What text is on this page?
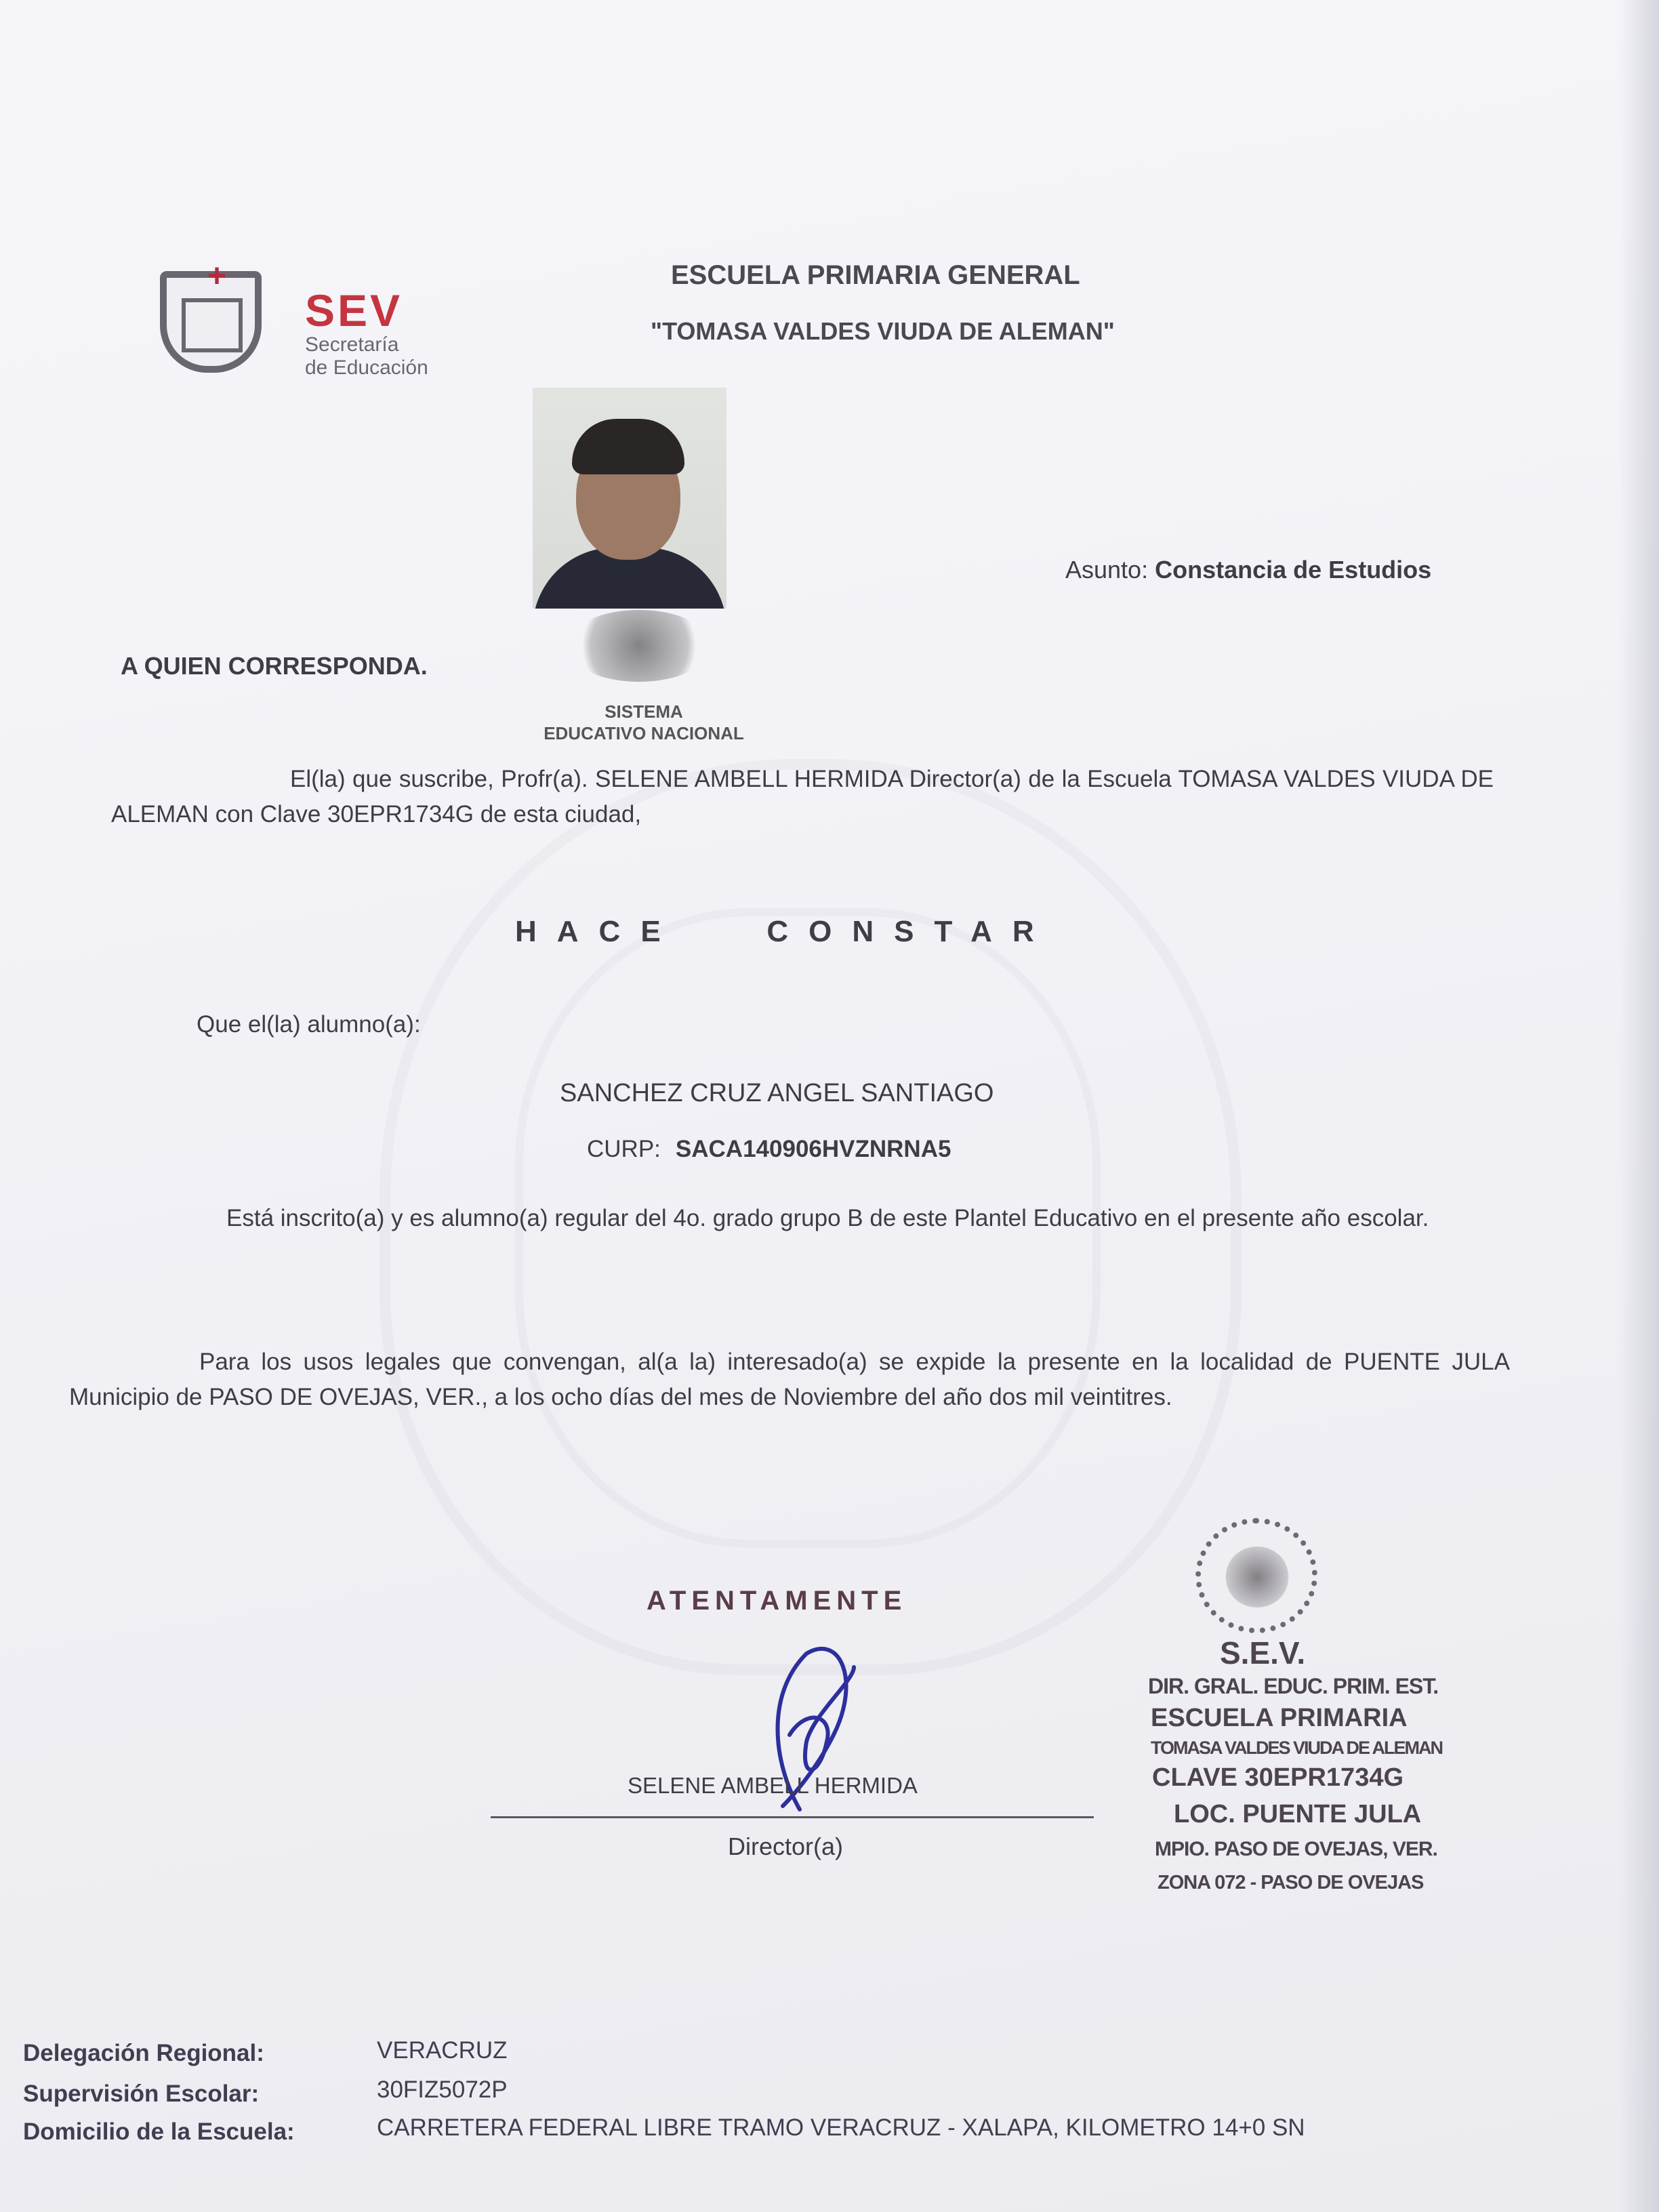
+
SEV
Secretaría
de Educación
ESCUELA PRIMARIA GENERAL
"TOMASA VALDES VIUDA DE ALEMAN"
SISTEMA
EDUCATIVO NACIONAL
Asunto: Constancia de Estudios
A QUIEN CORRESPONDA.
El(la) que suscribe, Profr(a). SELENE AMBELL HERMIDA Director(a) de la Escuela TOMASA VALDES VIUDA DE ALEMAN con Clave 30EPR1734G de esta ciudad,
HACE   CONSTAR
Que el(la) alumno(a):
SANCHEZ CRUZ ANGEL SANTIAGO
CURP: SACA140906HVZNRNA5
Está inscrito(a) y es alumno(a) regular del 4o. grado grupo B de este Plantel Educativo en el presente año escolar.
Para los usos legales que convengan, al(a la) interesado(a) se expide la presente en la localidad de PUENTE JULA Municipio de PASO DE OVEJAS, VER., a los ocho días del mes de Noviembre del año dos mil veintitres.
ATENTAMENTE
SELENE AMBELL HERMIDA
Director(a)
S.E.V.
DIR. GRAL. EDUC. PRIM. EST.
ESCUELA PRIMARIA
TOMASA VALDES VIUDA DE ALEMAN
CLAVE 30EPR1734G
LOC. PUENTE JULA
MPIO. PASO DE OVEJAS, VER.
ZONA 072 - PASO DE OVEJAS
Delegación Regional:	VERACRUZ
Supervisión Escolar:	30FIZ5072P
Domicilio de la Escuela:	CARRETERA FEDERAL LIBRE TRAMO VERACRUZ - XALAPA, KILOMETRO 14+0 SN
